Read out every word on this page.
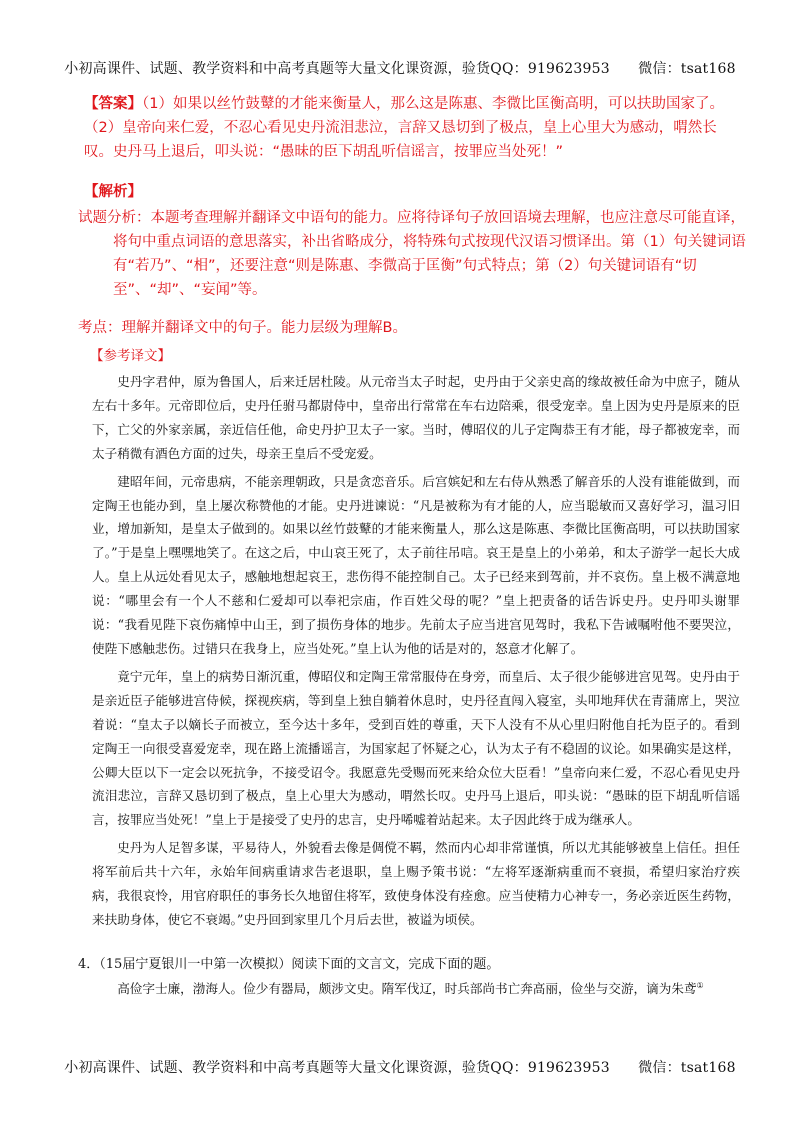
小初高课件、试题、教学资料和中高考真题等大量文化课资源，验货QQ：919623953　　微信：tsat168
【答案】（1）如果以丝竹鼓鼙的才能来衡量人，那么这是陈惠、李微比匡衡高明，可以扶助国家了。
（2）皇帝向来仁爱，不忍心看见史丹流泪悲泣，言辞又恳切到了极点，皇上心里大为感动，喟然长叹。史丹马上退后，叩头说：“愚昧的臣下胡乱听信谣言，按罪应当处死！”
【解析】

试题分析：本题考查理解并翻译文中语句的能力。应将待译句子放回语境去理解，也应注意尽可能直译，

将句中重点词语的意思落实，补出省略成分，将特殊句式按现代汉语习惯译出。第（1）句关键词语有“若乃”、“相”，还要注意“则是陈惠、李微高于匡衡”句式特点；第（2）句关键词语有“切至”、“却”、“妄闻”等。

考点：理解并翻译文中的句子。能力层级为理解B。
【参考译文】

史丹字君仲，原为鲁国人，后来迁居杜陵。从元帝当太子时起，史丹由于父亲史高的缘故被任命为中庶子，随从左右十多年。元帝即位后，史丹任驸马都尉侍中，皇帝出行常常在车右边陪乘，很受宠幸。皇上因为史丹是原来的臣下，亡父的外家亲属，亲近信任他，命史丹护卫太子一家。当时，傅昭仪的儿子定陶恭王有才能，母子都被宠幸，而太子稍微有酒色方面的过失，母亲王皇后不受宠爱。

建昭年间，元帝患病，不能亲理朝政，只是贪恋音乐。后宫嫔妃和左右侍从熟悉了解音乐的人没有谁能做到，而定陶王也能办到，皇上屡次称赞他的才能。史丹进谏说：“凡是被称为有才能的人，应当聪敏而又喜好学习，温习旧业，增加新知，是皇太子做到的。如果以丝竹鼓鼙的才能来衡量人，那么这是陈惠、李微比匡衡高明，可以扶助国家了。”于是皇上嘿嘿地笑了。在这之后，中山哀王死了，太子前往吊唁。哀王是皇上的小弟弟，和太子游学一起长大成人。皇上从远处看见太子，感触地想起哀王，悲伤得不能控制自己。太子已经来到驾前，并不哀伤。皇上极不满意地说：“哪里会有一个人不慈和仁爱却可以奉祀宗庙，作百姓父母的呢？”皇上把责备的话告诉史丹。史丹叩头谢罪说：“我看见陛下哀伤痛悼中山王，到了损伤身体的地步。先前太子应当进宫见驾时，我私下告诫嘱咐他不要哭泣，使陛下感触悲伤。过错只在我身上，应当处死。”皇上认为他的话是对的，怒意才化解了。

竟宁元年，皇上的病势日渐沉重，傅昭仪和定陶王常常服侍在身旁，而皇后、太子很少能够进宫见驾。史丹由于是亲近臣子能够进宫侍候，探视疾病，等到皇上独自躺着休息时，史丹径直闯入寝室，头叩地拜伏在青蒲席上，哭泣着说：“皇太子以嫡长子而被立，至今达十多年，受到百姓的尊重，天下人没有不从心里归附他自托为臣子的。看到定陶王一向很受喜爱宠幸，现在路上流播谣言，为国家起了怀疑之心，认为太子有不稳固的议论。如果确实是这样，公卿大臣以下一定会以死抗争，不接受诏令。我愿意先受赐而死来给众位大臣看！”皇帝向来仁爱，不忍心看见史丹流泪悲泣，言辞又恳切到了极点，皇上心里大为感动，喟然长叹。史丹马上退后，叩头说：“愚昧的臣下胡乱听信谣言，按罪应当处死！”皇上于是接受了史丹的忠言，史丹唏嘘着站起来。太子因此终于成为继承人。

史丹为人足智多谋，平易待人，外貌看去像是倜傥不羁，然而内心却非常谨慎，所以尤其能够被皇上信任。担任将军前后共十六年，永始年间病重请求告老退职，皇上赐予策书说：“左将军逐渐病重而不衰损，希望归家治疗疾病，我很哀怜，用官府职任的事务长久地留住将军，致使身体没有痊愈。应当使精力心神专一，务必亲近医生药物，来扶助身体，使它不衰竭。”史丹回到家里几个月后去世，被谥为顷侯。

4．（15届宁夏银川一中第一次模拟）阅读下面的文言文，完成下面的题。
高俭字士廉，渤海人。俭少有器局，颇涉文史。隋军伐辽，时兵部尚书亡奔高丽，俭坐与交游，谪为朱鸢①
小初高课件、试题、教学资料和中高考真题等大量文化课资源，验货QQ：919623953　　微信：tsat168
